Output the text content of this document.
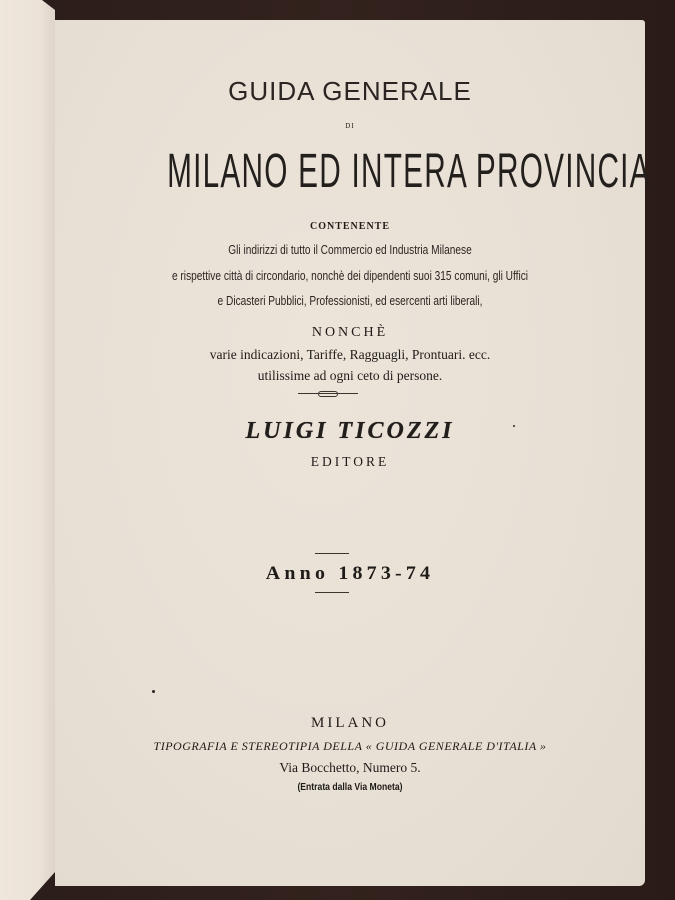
GUIDA GENERALE
DI
MILANO ED INTERA PROVINCIA
CONTENENTE
Gli indirizzi di tutto il Commercio ed Industria Milanese
e rispettive città di circondario, nonchè dei dipendenti suoi 315 comuni, gli Uffici
e Dicasteri Pubblici, Professionisti, ed esercenti arti liberali,
NONCHÈ
varie indicazioni, Tariffe, Ragguagli, Prontuari. ecc.
utilissime ad ogni ceto di persone.
LUIGI TICOZZI
EDITORE
Anno 1873-74
MILANO
TIPOGRAFIA E STEREOTIPIA DELLA « GUIDA GENERALE D'ITALIA »
Via Bocchetto, Numero 5.
(Entrata dalla Via Moneta)
